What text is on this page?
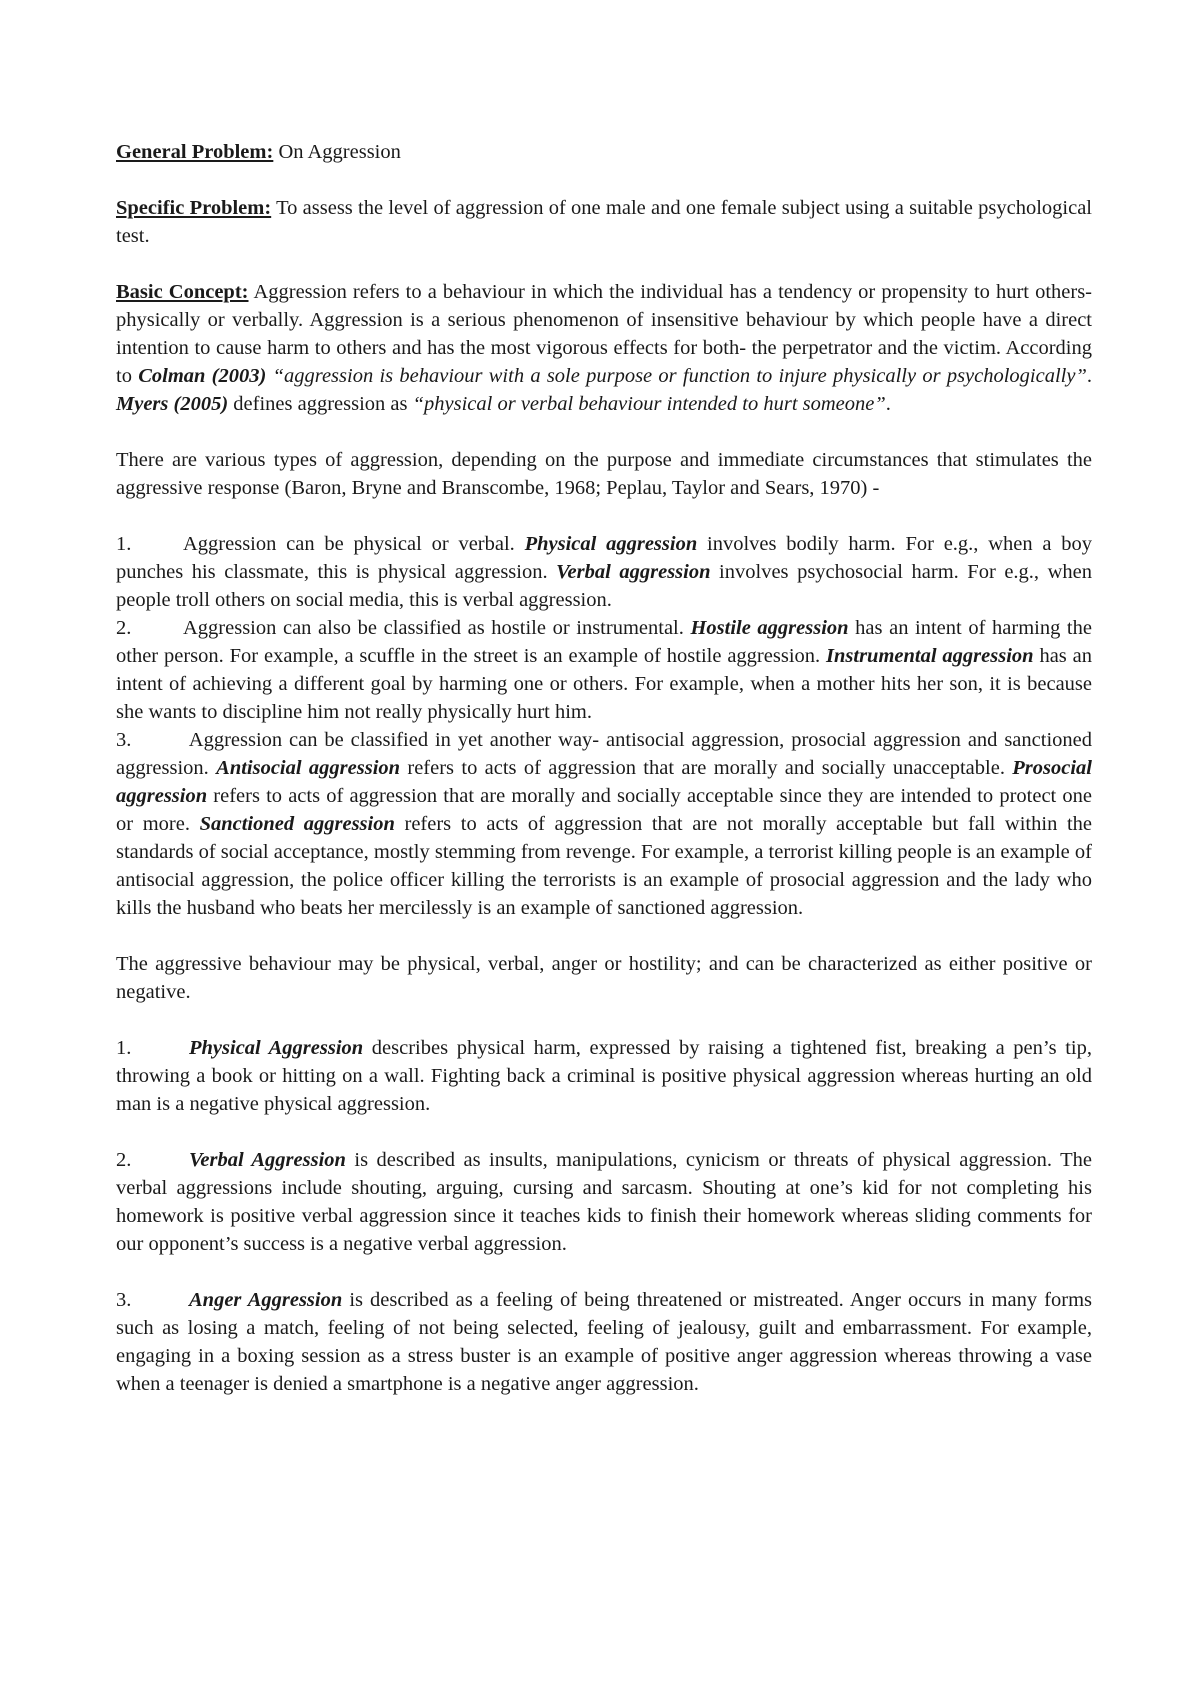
General Problem: On Aggression

Specific Problem: To assess the level of aggression of one male and one female subject using a suitable psychological test.

Basic Concept: Aggression refers to a behaviour in which the individual has a tendency or propensity to hurt others- physically or verbally. Aggression is a serious phenomenon of insensitive behaviour by which people have a direct intention to cause harm to others and has the most vigorous effects for both- the perpetrator and the victim. According to Colman (2003) “aggression is behaviour with a sole purpose or function to injure physically or psychologically”. Myers (2005) defines aggression as “physical or verbal behaviour intended to hurt someone”.

There are various types of aggression, depending on the purpose and immediate circumstances that stimulates the aggressive response (Baron, Bryne and Branscombe, 1968; Peplau, Taylor and Sears, 1970) -

1.	Aggression can be physical or verbal. Physical aggression involves bodily harm. For e.g., when a boy punches his classmate, this is physical aggression. Verbal aggression involves psychosocial harm. For e.g., when people troll others on social media, this is verbal aggression.

2.	Aggression can also be classified as hostile or instrumental. Hostile aggression has an intent of harming the other person. For example, a scuffle in the street is an example of hostile aggression. Instrumental aggression has an intent of achieving a different goal by harming one or others. For example, when a mother hits her son, it is because she wants to discipline him not really physically hurt him.

3.	Aggression can be classified in yet another way- antisocial aggression, prosocial aggression and sanctioned aggression. Antisocial aggression refers to acts of aggression that are morally and socially unacceptable. Prosocial aggression refers to acts of aggression that are morally and socially acceptable since they are intended to protect one or more. Sanctioned aggression refers to acts of aggression that are not morally acceptable but fall within the standards of social acceptance, mostly stemming from revenge. For example, a terrorist killing people is an example of antisocial aggression, the police officer killing the terrorists is an example of prosocial aggression and the lady who kills the husband who beats her mercilessly is an example of sanctioned aggression.

The aggressive behaviour may be physical, verbal, anger or hostility; and can be characterized as either positive or negative.

1.	Physical Aggression describes physical harm, expressed by raising a tightened fist, breaking a pen’s tip, throwing a book or hitting on a wall. Fighting back a criminal is positive physical aggression whereas hurting an old man is a negative physical aggression.

2.	Verbal Aggression is described as insults, manipulations, cynicism or threats of physical aggression. The verbal aggressions include shouting, arguing, cursing and sarcasm. Shouting at one’s kid for not completing his homework is positive verbal aggression since it teaches kids to finish their homework whereas sliding comments for our opponent’s success is a negative verbal aggression.

3.	Anger Aggression is described as a feeling of being threatened or mistreated. Anger occurs in many forms such as losing a match, feeling of not being selected, feeling of jealousy, guilt and embarrassment. For example, engaging in a boxing session as a stress buster is an example of positive anger aggression whereas throwing a vase when a teenager is denied a smartphone is a negative anger aggression.
